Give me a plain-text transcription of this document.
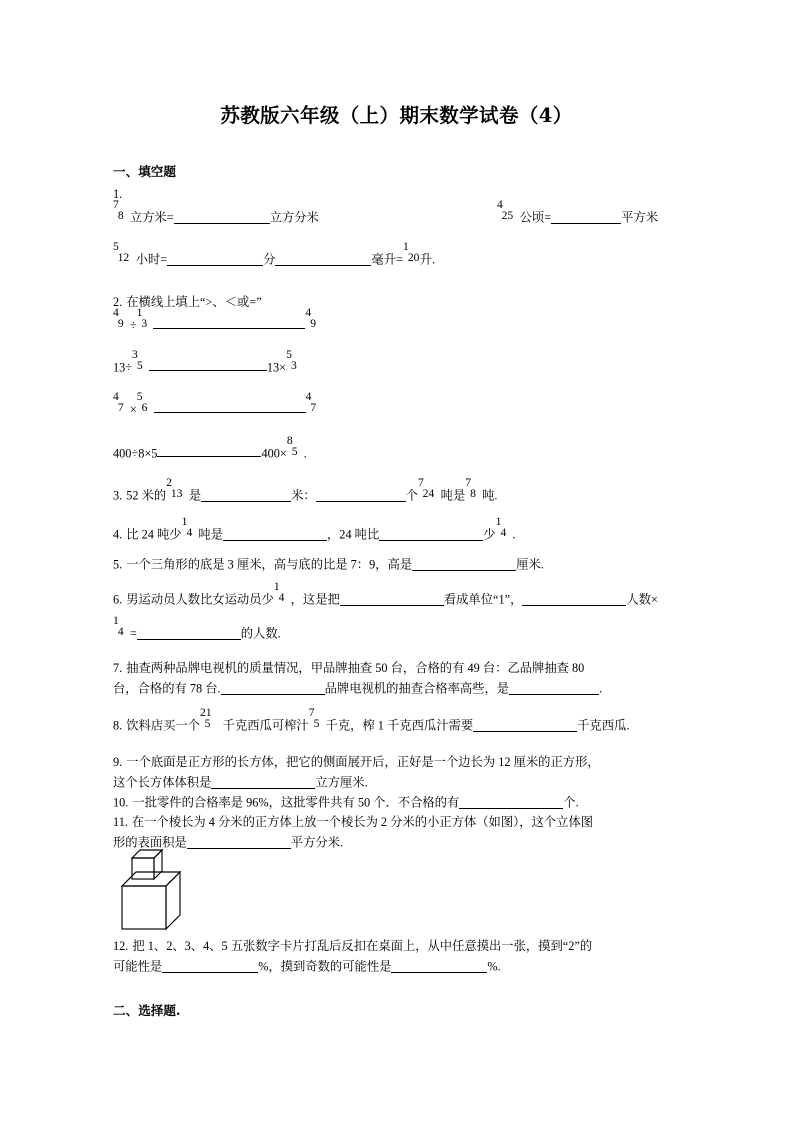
苏教版六年级（上）期末数学试卷（4）
一、填空题
1.
7
8 立方米=	立方分米
4
25 公顷=	平方米
5
12 小时=	分	毫升=
1
20 升.
2. 在横线上填上“>、＜或=”
4
9 ÷
1
3
4
9
13÷
3
5	13×
5
3
4
7 ×
5
6
4
7
400÷8×5	400×
8
5 .
3. 52 米的
2
13 是	米：	个
7
24 吨是
7
8 吨.
4. 比 24 吨少
1
4 吨是	，24 吨比	少
1
4 .
5. 一个三角形的底是 3 厘米，高与底的比是 7：9，高是	厘米.
6. 男运动员人数比女运动员少
1
4 ，这是把	看成单位“1”，	人数×
1
4 =	的人数.
7. 抽查两种品牌电视机的质量情况，甲品牌抽查 50 台，合格的有 49 台：乙品牌抽查 80
台，合格的有 78 台.	品牌电视机的抽查合格率高些，是	.
8. 饮料店买一个
21
5 千克西瓜可榨汁
7
5 千克，榨 1 千克西瓜汁需要	千克西瓜.
9. 一个底面是正方形的长方体，把它的侧面展开后，正好是一个边长为 12 厘米的正方形，
这个长方体体积是	立方厘米.
10. 一批零件的合格率是 96%，这批零件共有 50 个．不合格的有	个.
11. 在一个棱长为 4 分米的正方体上放一个棱长为 2 分米的小正方体（如图），这个立体图
形的表面积是	平方分米.
12. 把 1、2、3、4、5 五张数字卡片打乱后反扣在桌面上，从中任意摸出一张，摸到“2”的
可能性是	%，摸到奇数的可能性是	%.
二、选择题.
